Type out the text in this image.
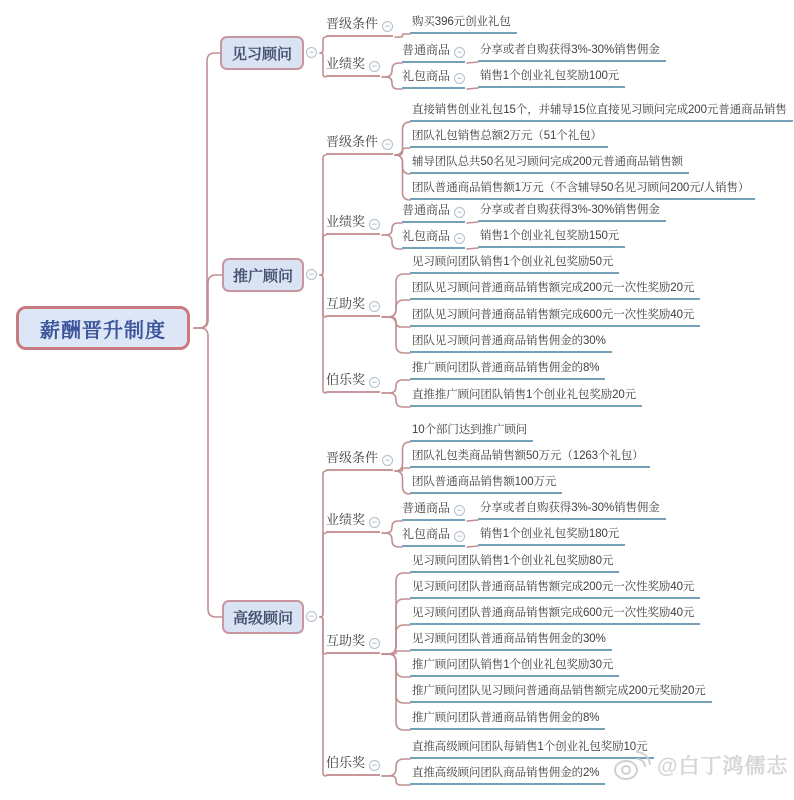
薪酬晋升制度
见习顾问
推广顾问
高级顾问
−
−
−
晋级条件 − 购买396元创业礼包
业绩奖 −
普通商品 − 分享或者自购获得3%-30%销售佣金
礼包商品 − 销售1个创业礼包奖励100元
晋级条件 −
直接销售创业礼包15个，并辅导15位直接见习顾问完成200元普通商品销售
团队礼包销售总额2万元（51个礼包）
辅导团队总共50名见习顾问完成200元普通商品销售额
团队普通商品销售额1万元（不含辅导50名见习顾问200元/人销售）
业绩奖 −
普通商品 − 分享或者自购获得3%-30%销售佣金
礼包商品 − 销售1个创业礼包奖励150元
互助奖 −
见习顾问团队销售1个创业礼包奖励50元
团队见习顾问普通商品销售额完成200元一次性奖励20元
团队见习顾问普通商品销售额完成600元一次性奖励40元
团队见习顾问普通商品销售佣金的30%
伯乐奖 −
推广顾问团队普通商品销售佣金的8%
直推推广顾问团队销售1个创业礼包奖励20元
晋级条件 −
10个部门达到推广顾问
团队礼包类商品销售额50万元（1263个礼包）
团队普通商品销售额100万元
业绩奖 −
普通商品 − 分享或者自购获得3%-30%销售佣金
礼包商品 − 销售1个创业礼包奖励180元
互助奖 −
见习顾问团队销售1个创业礼包奖励80元
见习顾问团队普通商品销售额完成200元一次性奖励40元
见习顾问团队普通商品销售额完成600元一次性奖励40元
见习顾问团队普通商品销售佣金的30%
推广顾问团队销售1个创业礼包奖励30元
推广顾问团队见习顾问普通商品销售额完成200元奖励20元
推广顾问团队普通商品销售佣金的8%
伯乐奖 −
直推高级顾问团队每销售1个创业礼包奖励10元
直推高级顾问团队商品销售佣金的2%	@白丁鸿儒志
